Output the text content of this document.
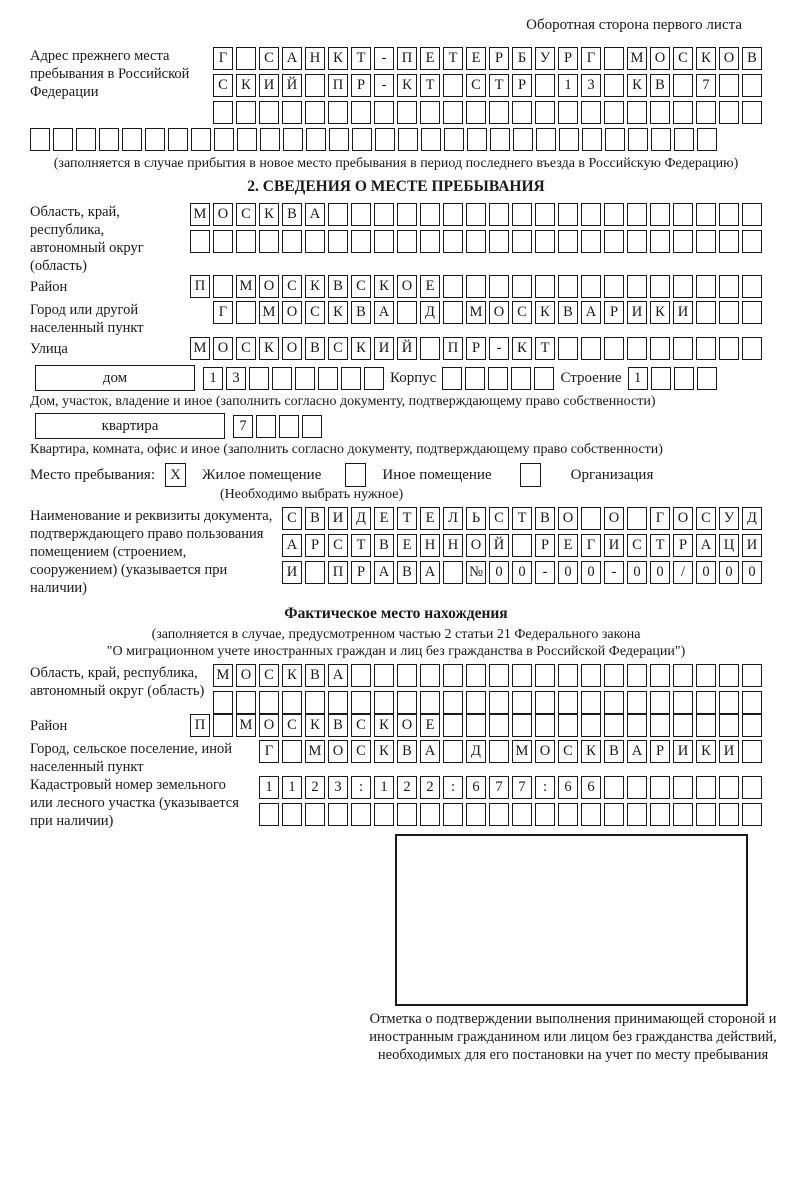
Оборотная сторона первого листа
Адрес прежнего места пребывания в Российской Федерации
Г	С А Н К Т	-	П Е Т Е	Р	Б У Р	Г	М О С К О В
С К И Й	П Р	-	К Т	С Т	Р	1	3	К В	7
(заполняется в случае прибытия в новое место пребывания в период последнего въезда в Российскую Федерацию)
2. СВЕДЕНИЯ О МЕСТЕ ПРЕБЫВАНИЯ
Область, край, республика, автономный округ (область)
М О С К В А
Район	П	М О С К В С К О Е
Город или другой населенный пункт
Г	М О С К В А	Д	М О С К В А Р И К И
Улица	М О С К О В С К И Й	П Р	-	К Т
дом	1	3	Корпус	Строение 1
Дом, участок, владение и иное (заполнить согласно документу, подтверждающему право собственности)
квартира	7
Квартира, комната, офис и иное (заполнить согласно документу, подтверждающему право собственности)
Место пребывания:	X	Жилое помещение	Иное помещение	Организация
(Необходимо выбрать нужное)
Наименование и реквизиты документа, подтверждающего право пользования помещением (строением, сооружением) (указывается при наличии)
С В И Д Е Т Е Л Ь С Т В О	О	Г О С У Д
А Р С Т В Е Н Н О Й	Р	Е Г И С Т	Р А Ц И
И	П Р А В А	№ 0	0	-	0	0	-	0	0	/	0	0	0
Фактическое место нахождения
(заполняется в случае, предусмотренном частью 2 статьи 21 Федерального закона
"О миграционном учете иностранных граждан и лиц без гражданства в Российской Федерации")
Область, край, республика, автономный округ (область)
М О С К В А
Район	П	М О С К В С К О Е
Город, сельское поселение, иной населенный пункт
Г	М О С К В А	Д	М О С К В А Р И К И
Кадастровый номер земельного или лесного участка (указывается при наличии)
1	1	2	3	:	1	2	2	:	6	7	7	:	6	6
Отметка о подтверждении выполнения принимающей стороной и иностранным гражданином или лицом без гражданства действий, необходимых для его постановки на учет по месту пребывания
